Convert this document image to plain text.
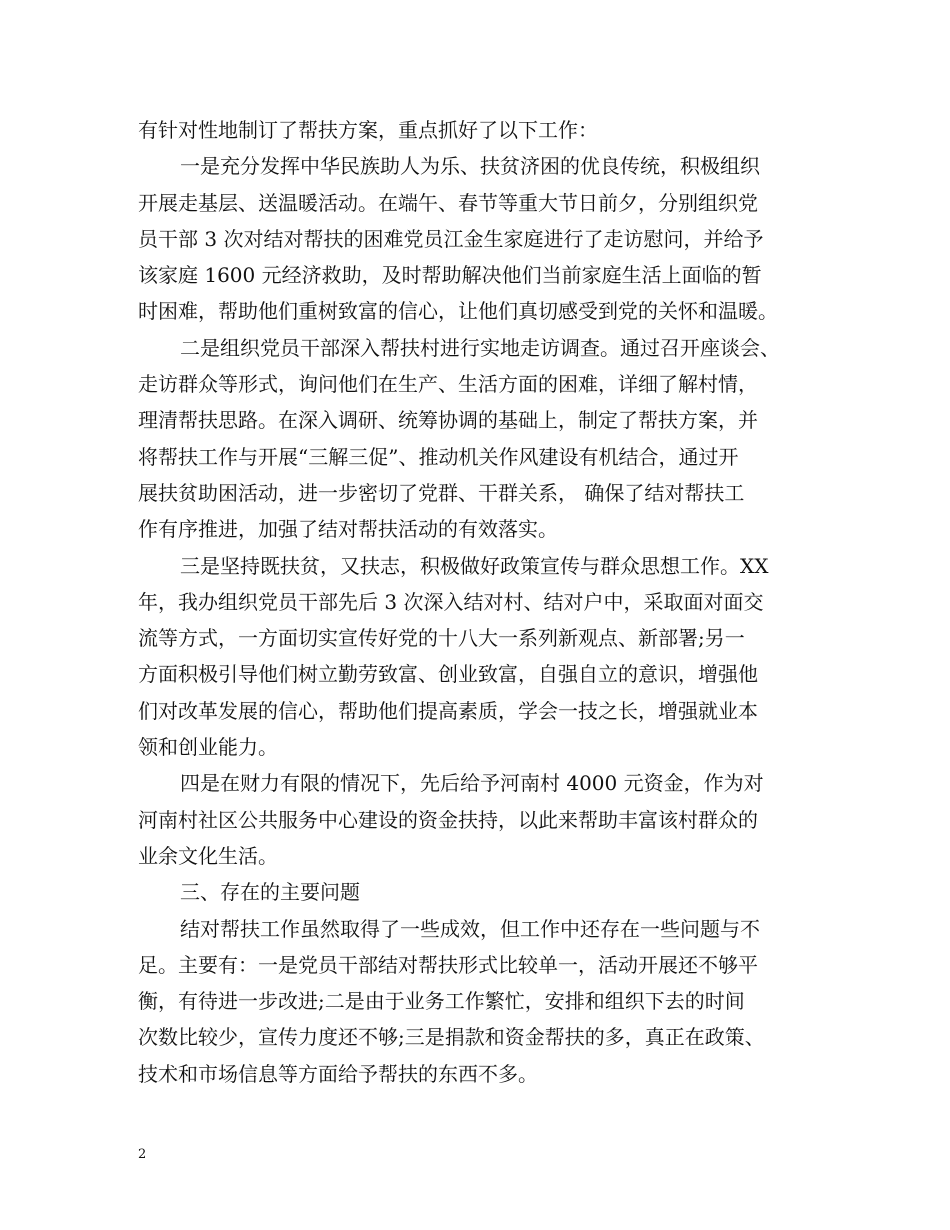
有针对性地制订了帮扶方案，重点抓好了以下工作：
一是充分发挥中华民族助人为乐、扶贫济困的优良传统，积极组织
开展走基层、送温暖活动。在端午、春节等重大节日前夕，分别组织党
员干部 3 次对结对帮扶的困难党员江金生家庭进行了走访慰问，并给予
该家庭 1600 元经济救助，及时帮助解决他们当前家庭生活上面临的暂
时困难，帮助他们重树致富的信心，让他们真切感受到党的关怀和温暖。
二是组织党员干部深入帮扶村进行实地走访调查。通过召开座谈会、
走访群众等形式，询问他们在生产、生活方面的困难，详细了解村情，
理清帮扶思路。在深入调研、统筹协调的基础上，制定了帮扶方案，并
将帮扶工作与开展“三解三促”、推动机关作风建设有机结合，通过开
展扶贫助困活动，进一步密切了党群、干群关系， 确保了结对帮扶工
作有序推进，加强了结对帮扶活动的有效落实。
三是坚持既扶贫，又扶志，积极做好政策宣传与群众思想工作。XX
年，我办组织党员干部先后 3 次深入结对村、结对户中，采取面对面交
流等方式，一方面切实宣传好党的十八大一系列新观点、新部署;另一
方面积极引导他们树立勤劳致富、创业致富，自强自立的意识，增强他
们对改革发展的信心，帮助他们提高素质，学会一技之长，增强就业本
领和创业能力。
四是在财力有限的情况下，先后给予河南村 4000 元资金，作为对
河南村社区公共服务中心建设的资金扶持，以此来帮助丰富该村群众的
业余文化生活。
三、存在的主要问题
结对帮扶工作虽然取得了一些成效，但工作中还存在一些问题与不
足。主要有：一是党员干部结对帮扶形式比较单一，活动开展还不够平
衡，有待进一步改进;二是由于业务工作繁忙，安排和组织下去的时间
次数比较少，宣传力度还不够;三是捐款和资金帮扶的多，真正在政策、
技术和市场信息等方面给予帮扶的东西不多。
2
